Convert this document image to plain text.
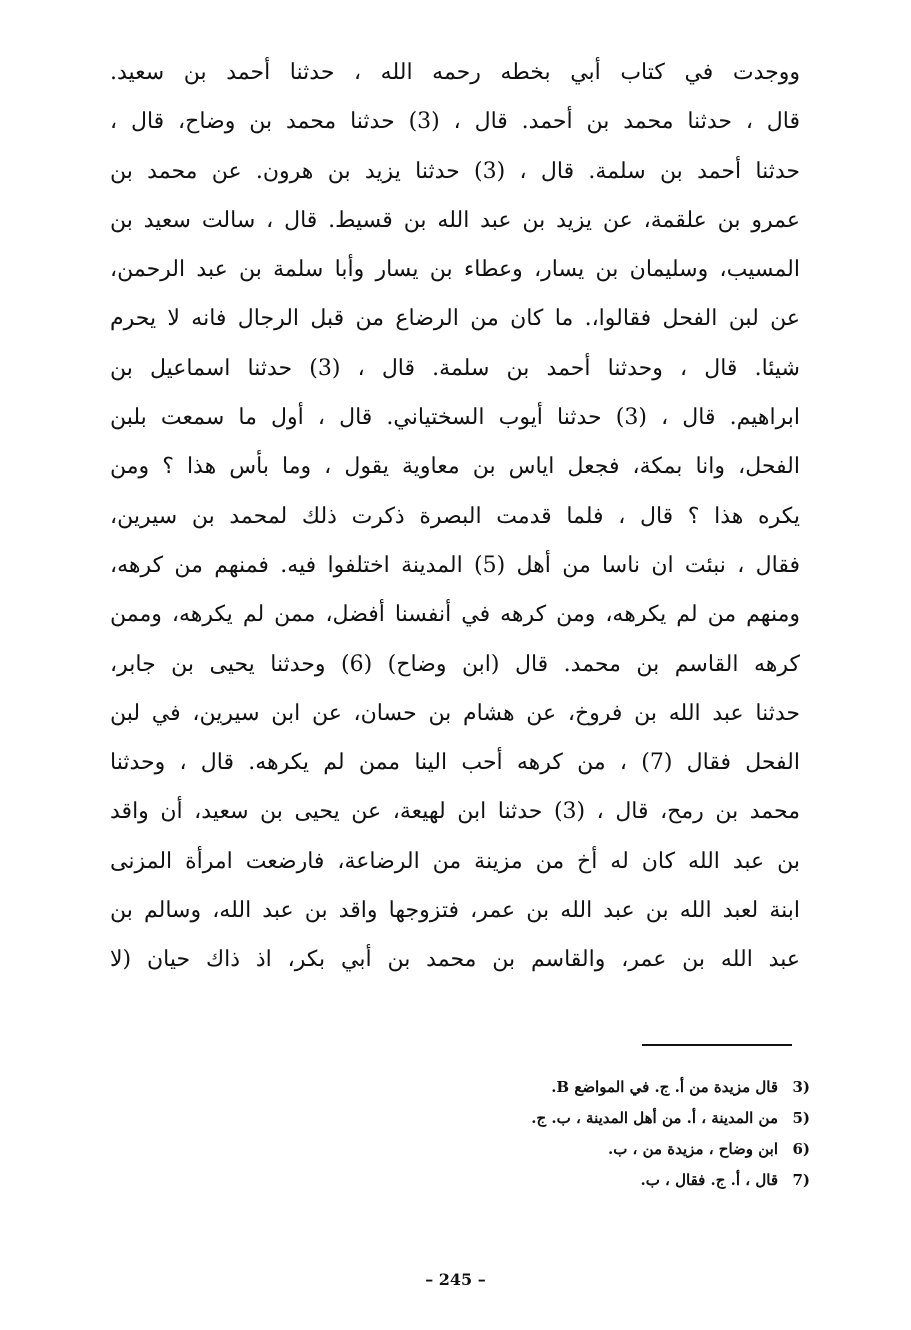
ووجدت في كتاب أبي بخطه رحمه الله ، حدثنا أحمد بن سعيد.
قال ، حدثنا محمد بن أحمد. قال ، (3) حدثنا محمد بن وضاح، قال ،
حدثنا أحمد بن سلمة. قال ، (3) حدثنا يزيد بن هرون. عن محمد بن
عمرو بن علقمة، عن يزيد بن عبد الله بن قسيط. قال ، سالت سعيد بن
المسيب، وسليمان بن يسار، وعطاء بن يسار وأبا سلمة بن عبد الرحمن،
عن لبن الفحل فقالوا،. ما كان من الرضاع من قبل الرجال فانه لا يحرم
شيئا. قال ، وحدثنا أحمد بن سلمة. قال ، (3) حدثنا اسماعيل بن
ابراهيم. قال ، (3) حدثنا أيوب السختياني. قال ، أول ما سمعت بلبن
الفحل، وانا بمكة، فجعل اياس بن معاوية يقول ، وما بأس هذا ؟ ومن
يكره هذا ؟ قال ، فلما قدمت البصرة ذكرت ذلك لمحمد بن سيرين،
فقال ، نبئت ان ناسا من أهل (5) المدينة اختلفوا فيه. فمنهم من كرهه،
ومنهم من لم يكرهه، ومن كرهه في أنفسنا أفضل، ممن لم يكرهه، وممن
كرهه القاسم بن محمد. قال (ابن وضاح) (6) وحدثنا يحيى بن جابر،
حدثنا عبد الله بن فروخ، عن هشام بن حسان، عن ابن سيرين، في لبن
الفحل فقال (7) ، من كرهه أحب الينا ممن لم يكرهه. قال ، وحدثنا
محمد بن رمح، قال ، (3) حدثنا ابن لهيعة، عن يحيى بن سعيد، أن واقد
بن عبد الله كان له أخ من مزينة من الرضاعة، فارضعت امرأة المزنى
ابنة لعبد الله بن عبد الله بن عمر، فتزوجها واقد بن عبد الله، وسالم بن
عبد الله بن عمر، والقاسم بن محمد بن أبي بكر، اذ ذاك حيان (لا
3)
قال مزيدة من أ. ج. في المواضع B.
5)
من المدينة ، أ. من أهل المدينة ، ب. ج.
6)
ابن وضاح ، مزيدة من ، ب.
7)
قال ، أ. ج. فقال ، ب.
– 245 –
